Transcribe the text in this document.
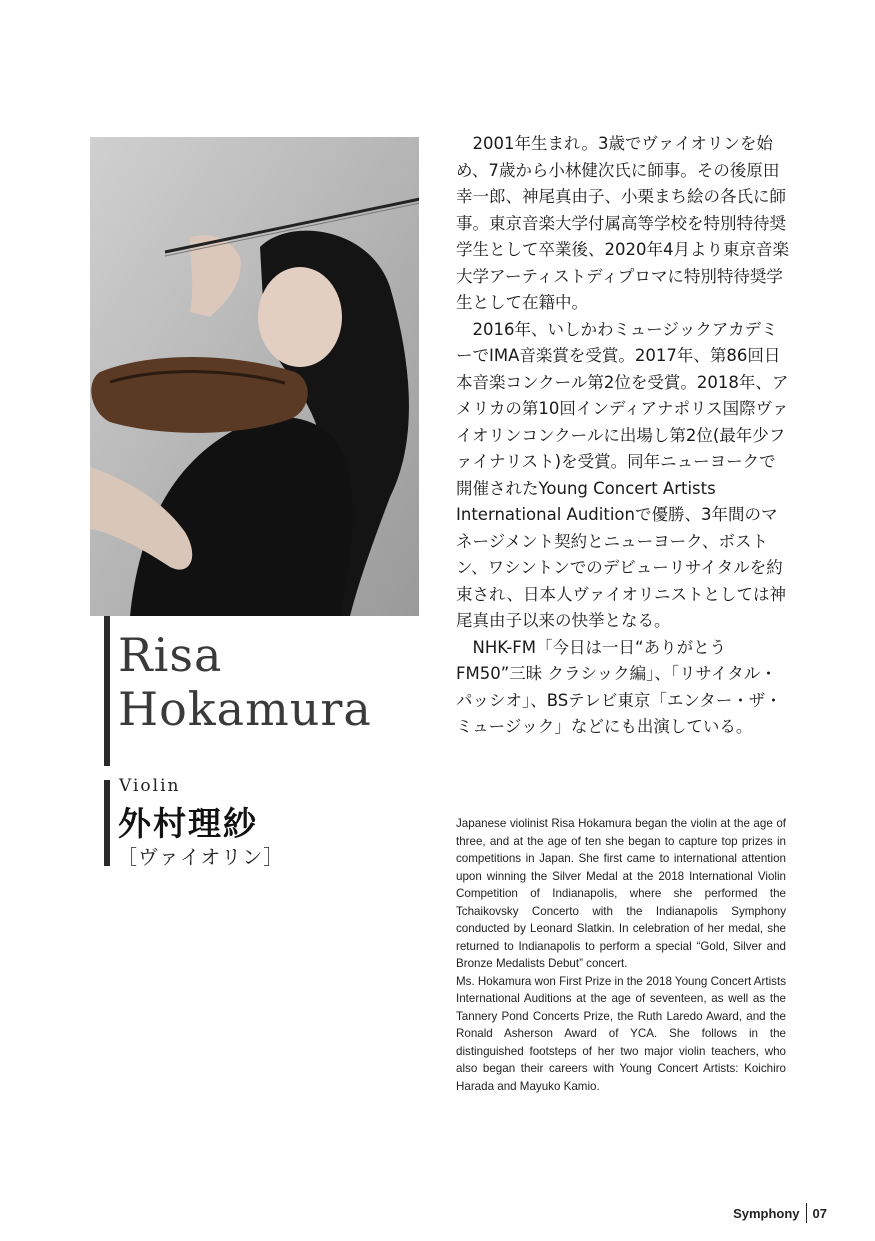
Risa
Hokamura
Violin
外村理紗
［ヴァイオリン］

2001年生まれ。3歳でヴァイオリンを始め、7歳から小林健次氏に師事。その後原田幸一郎、神尾真由子、小栗まち絵の各氏に師事。東京音楽大学付属高等学校を特別特待奨学生として卒業後、2020年4月より東京音楽大学アーティストディプロマに特別特待奨学生として在籍中。

2016年、いしかわミュージックアカデミーでIMA音楽賞を受賞。2017年、第86回日本音楽コンクール第2位を受賞。2018年、アメリカの第10回インディアナポリス国際ヴァイオリンコンクールに出場し第2位(最年少ファイナリスト)を受賞。同年ニューヨークで開催されたYoung Concert Artists International Auditionで優勝、3年間のマネージメント契約とニューヨーク、ボストン、ワシントンでのデビューリサイタルを約束され、日本人ヴァイオリニストとしては神尾真由子以来の快挙となる。

NHK-FM「今日は一日“ありがとうFM50”三昧 クラシック編」、「リサイタル・パッシオ」、BSテレビ東京「エンター・ザ・ミュージック」などにも出演している。

Japanese violinist Risa Hokamura began the violin at the age of three, and at the age of ten she began to capture top prizes in competitions in Japan. She first came to international attention upon winning the Silver Medal at the 2018 International Violin Competition of Indianapolis, where she performed the Tchaikovsky Concerto with the Indianapolis Symphony conducted by Leonard Slatkin. In celebration of her medal, she returned to Indianapolis to perform a special “Gold, Silver and Bronze Medalists Debut” concert.

Ms. Hokamura won First Prize in the 2018 Young Concert Artists International Auditions at the age of seventeen, as well as the Tannery Pond Concerts Prize, the Ruth Laredo Award, and the Ronald Asherson Award of YCA. She follows in the distinguished footsteps of her two major violin teachers, who also began their careers with Young Concert Artists: Koichiro Harada and Mayuko Kamio.

Symphony 07
